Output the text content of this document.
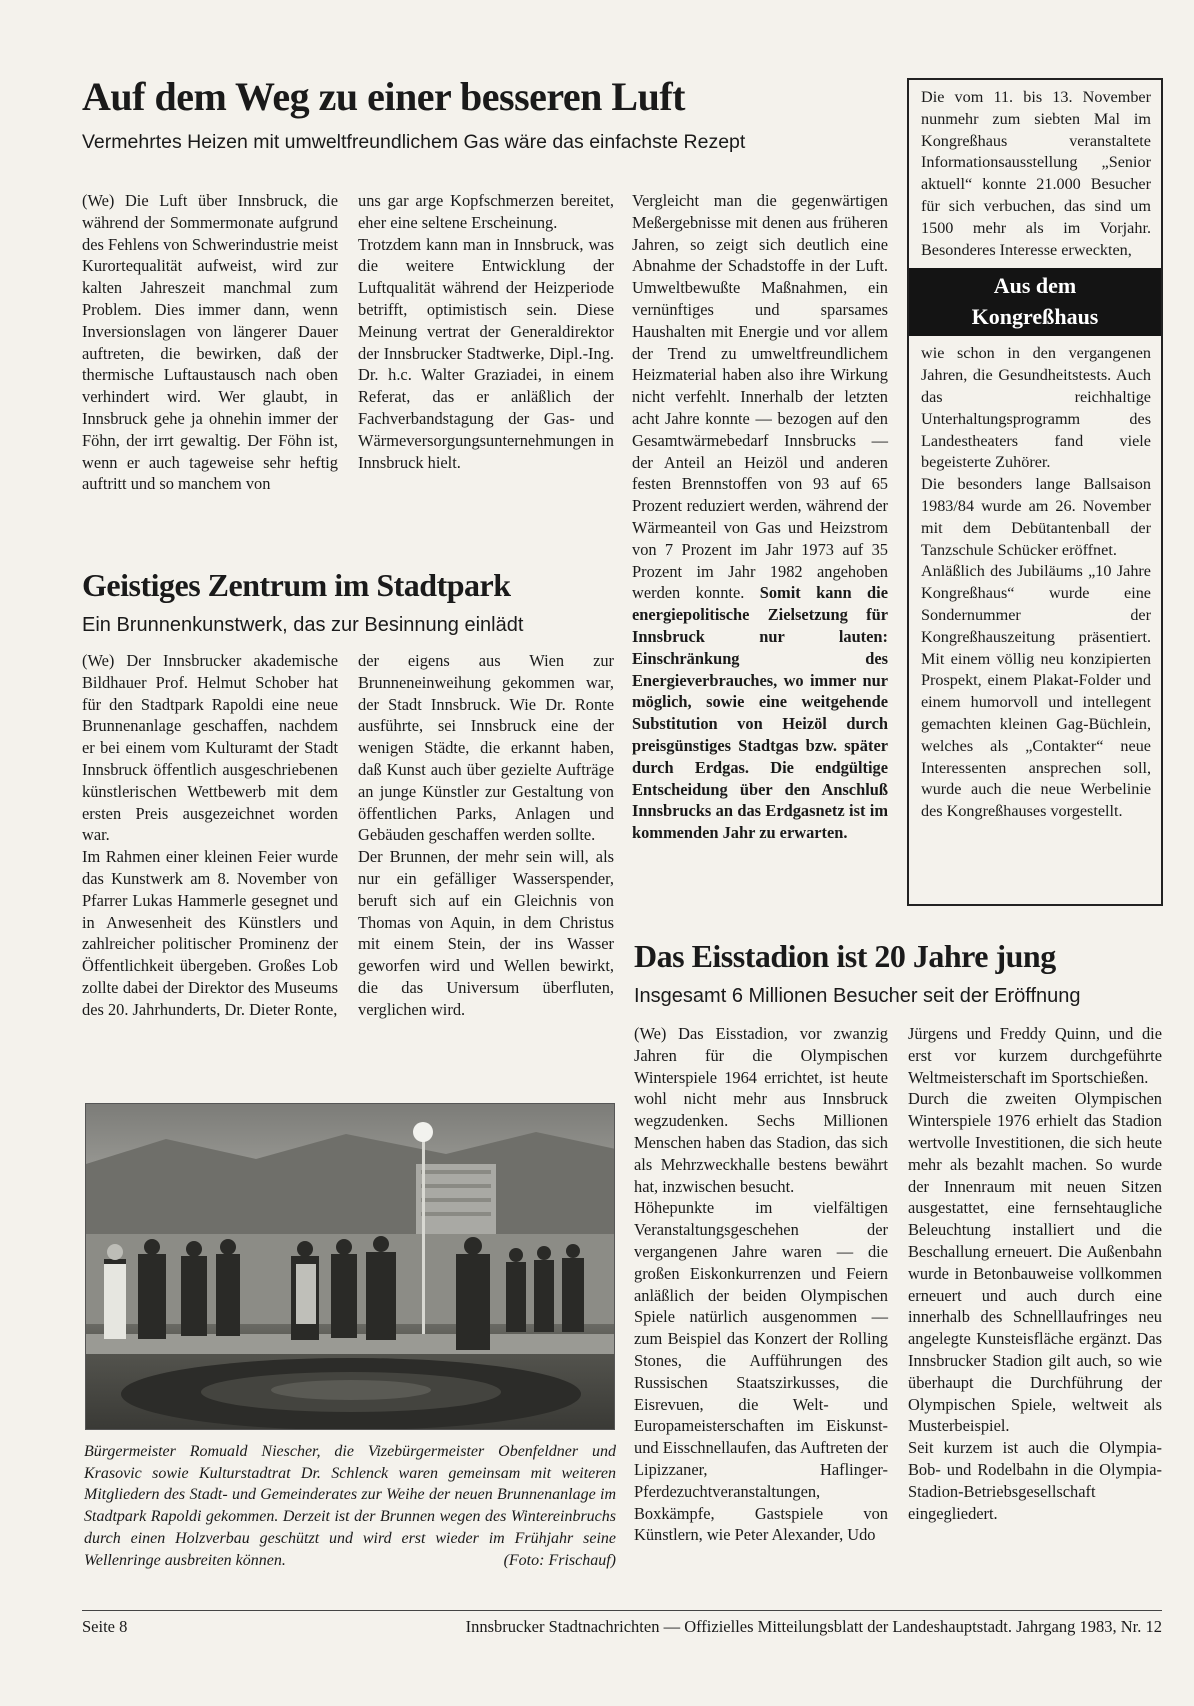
Auf dem Weg zu einer besseren Luft

Vermehrtes Heizen mit umweltfreundlichem Gas wäre das einfachste Rezept

(We) Die Luft über Innsbruck, die während der Sommermonate aufgrund des Fehlens von Schwerindustrie meist Kurortequalität aufweist, wird zur kalten Jahreszeit manchmal zum Problem. Dies immer dann, wenn Inversionslagen von längerer Dauer auftreten, die bewirken, daß der thermische Luftaustausch nach oben verhindert wird. Wer glaubt, in Innsbruck gehe ja ohnehin immer der Föhn, der irrt gewaltig. Der Föhn ist, wenn er auch tageweise sehr heftig auftritt und so manchem von

uns gar arge Kopfschmerzen bereitet, eher eine seltene Erscheinung.

Trotzdem kann man in Innsbruck, was die weitere Entwicklung der Luftqualität während der Heizperiode betrifft, optimistisch sein. Diese Meinung vertrat der Generaldirektor der Innsbrucker Stadtwerke, Dipl.-Ing. Dr. h.c. Walter Graziadei, in einem Referat, das er anläßlich der Fachverbandstagung der Gas- und Wärmeversorgungsunternehmungen in Innsbruck hielt.

Vergleicht man die gegenwärtigen Meßergebnisse mit denen aus früheren Jahren, so zeigt sich deutlich eine Abnahme der Schadstoffe in der Luft. Umweltbewußte Maßnahmen, ein vernünftiges und sparsames Haushalten mit Energie und vor allem der Trend zu umweltfreundlichem Heizmaterial haben also ihre Wirkung nicht verfehlt. Innerhalb der letzten acht Jahre konnte — bezogen auf den Gesamtwärmebedarf Innsbrucks — der Anteil an Heizöl und anderen festen Brennstoffen von 93 auf 65 Prozent reduziert werden, während der Wärmeanteil von Gas und Heizstrom von 7 Prozent im Jahr 1973 auf 35 Prozent im Jahr 1982 angehoben werden konnte. Somit kann die energiepolitische Zielsetzung für Innsbruck nur lauten: Einschränkung des Energieverbrauches, wo immer nur möglich, sowie eine weitgehende Substitution von Heizöl durch preisgünstiges Stadtgas bzw. später durch Erdgas. Die endgültige Entscheidung über den Anschluß Innsbrucks an das Erdgasnetz ist im kommenden Jahr zu erwarten.

Die vom 11. bis 13. November nunmehr zum siebten Mal im Kongreßhaus veranstaltete Informationsausstellung „Senior aktuell“ konnte 21.000 Besucher für sich verbuchen, das sind um 1500 mehr als im Vorjahr. Besonderes Interesse erweckten,

Aus dem
Kongreßhaus

wie schon in den vergangenen Jahren, die Gesundheitstests. Auch das reichhaltige Unterhaltungsprogramm des Landestheaters fand viele begeisterte Zuhörer.

Die besonders lange Ballsaison 1983/84 wurde am 26. November mit dem Debütantenball der Tanzschule Schücker eröffnet.

Anläßlich des Jubiläums „10 Jahre Kongreßhaus“ wurde eine Sondernummer der Kongreßhauszeitung präsentiert. Mit einem völlig neu konzipierten Prospekt, einem Plakat-Folder und einem humorvoll und intellegent gemachten kleinen Gag-Büchlein, welches als „Contakter“ neue Interessenten ansprechen soll, wurde auch die neue Werbelinie des Kongreßhauses vorgestellt.

Geistiges Zentrum im Stadtpark

Ein Brunnenkunstwerk, das zur Besinnung einlädt

(We) Der Innsbrucker akademische Bildhauer Prof. Helmut Schober hat für den Stadtpark Rapoldi eine neue Brunnenanlage geschaffen, nachdem er bei einem vom Kulturamt der Stadt Innsbruck öffentlich ausgeschriebenen künstlerischen Wettbewerb mit dem ersten Preis ausgezeichnet worden war.

Im Rahmen einer kleinen Feier wurde das Kunstwerk am 8. November von Pfarrer Lukas Hammerle gesegnet und in Anwesenheit des Künstlers und zahlreicher politischer Prominenz der Öffentlichkeit übergeben. Großes Lob zollte dabei der Direktor des Museums des 20. Jahrhunderts, Dr. Dieter Ronte,

der eigens aus Wien zur Brunneneinweihung gekommen war, der Stadt Innsbruck. Wie Dr. Ronte ausführte, sei Innsbruck eine der wenigen Städte, die erkannt haben, daß Kunst auch über gezielte Aufträge an junge Künstler zur Gestaltung von öffentlichen Parks, Anlagen und Gebäuden geschaffen werden sollte.

Der Brunnen, der mehr sein will, als nur ein gefälliger Wasserspender, beruft sich auf ein Gleichnis von Thomas von Aquin, in dem Christus mit einem Stein, der ins Wasser geworfen wird und Wellen bewirkt, die das Universum überfluten, verglichen wird.

Bürgermeister Romuald Niescher, die Vizebürgermeister Obenfeldner und Krasovic sowie Kulturstadtrat Dr. Schlenck waren gemeinsam mit weiteren Mitgliedern des Stadt- und Gemeinderates zur Weihe der neuen Brunnenanlage im Stadtpark Rapoldi gekommen. Derzeit ist der Brunnen wegen des Wintereinbruchs durch einen Holzverbau geschützt und wird erst wieder im Frühjahr seine Wellenringe ausbreiten können.	(Foto: Frischauf)
Das Eisstadion ist 20 Jahre jung

Insgesamt 6 Millionen Besucher seit der Eröffnung

(We) Das Eisstadion, vor zwanzig Jahren für die Olympischen Winterspiele 1964 errichtet, ist heute wohl nicht mehr aus Innsbruck wegzudenken. Sechs Millionen Menschen haben das Stadion, das sich als Mehrzweckhalle bestens bewährt hat, inzwischen besucht.

Höhepunkte im vielfältigen Veranstaltungsgeschehen der vergangenen Jahre waren — die großen Eiskonkurrenzen und Feiern anläßlich der beiden Olympischen Spiele natürlich ausgenommen — zum Beispiel das Konzert der Rolling Stones, die Aufführungen des Russischen Staatszirkusses, die Eisrevuen, die Welt- und Europameisterschaften im Eiskunst- und Eisschnellaufen, das Auftreten der Lipizzaner, Haflinger-Pferdezuchtveranstaltungen, Boxkämpfe, Gastspiele von Künstlern, wie Peter Alexander, Udo

Jürgens und Freddy Quinn, und die erst vor kurzem durchgeführte Weltmeisterschaft im Sportschießen.

Durch die zweiten Olympischen Winterspiele 1976 erhielt das Stadion wertvolle Investitionen, die sich heute mehr als bezahlt machen. So wurde der Innenraum mit neuen Sitzen ausgestattet, eine fernsehtaugliche Beleuchtung installiert und die Beschallung erneuert. Die Außenbahn wurde in Betonbauweise vollkommen erneuert und auch durch eine innerhalb des Schnelllaufringes neu angelegte Kunsteisfläche ergänzt. Das Innsbrucker Stadion gilt auch, so wie überhaupt die Durchführung der Olympischen Spiele, weltweit als Musterbeispiel.

Seit kurzem ist auch die Olympia-Bob- und Rodelbahn in die Olympia-Stadion-Betriebsgesellschaft eingegliedert.

Seite 8	Innsbrucker Stadtnachrichten — Offizielles Mitteilungsblatt der Landeshauptstadt. Jahrgang 1983, Nr. 12
